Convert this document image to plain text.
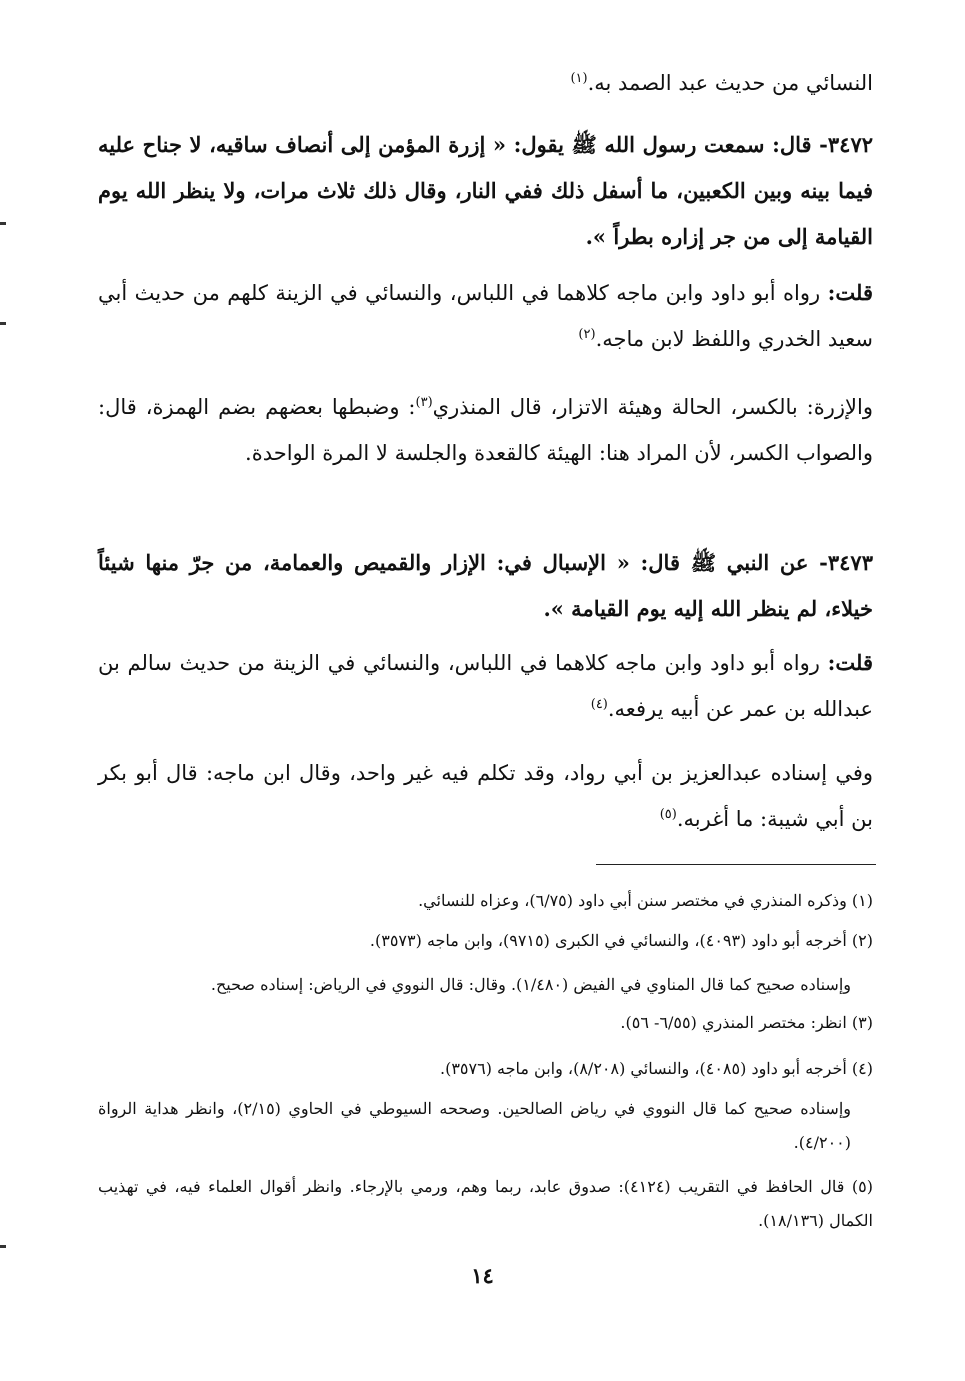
النسائي من حديث عبد الصمد به.$^{(١)}$
٣٤٧٢- قال: سمعت رسول الله ﷺ يقول: « إزرة المؤمن إلى أنصاف ساقيه، لا جناح عليه فيما بينه وبين الكعبين، ما أسفل ذلك ففي النار، وقال ذلك ثلاث مرات، ولا ينظر الله يوم القيامة إلى من جر إزاره بطراً ».
قلت: رواه أبو داود وابن ماجه كلاهما في اللباس، والنسائي في الزينة كلهم من حديث أبي سعيد الخدري واللفظ لابن ماجه.$^{(٢)}$
والإزرة: بالكسر، الحالة وهيئة الاتزار، قال المنذري$^{(٣)}$: وضبطها بعضهم بضم الهمزة، قال: والصواب الكسر، لأن المراد هنا: الهيئة كالقعدة والجلسة لا المرة الواحدة.
٣٤٧٣- عن النبي ﷺ قال: « الإسبال في: الإزار والقميص والعمامة، من جرّ منها شيئاً خيلاء، لم ينظر الله إليه يوم القيامة ».
قلت: رواه أبو داود وابن ماجه كلاهما في اللباس، والنسائي في الزينة من حديث سالم بن عبدالله بن عمر عن أبيه يرفعه.$^{(٤)}$
وفي إسناده عبدالعزيز بن أبي رواد، وقد تكلم فيه غير واحد، وقال ابن ماجه: قال أبو بكر بن أبي شيبة: ما أغربه.$^{(٥)}$
(١) وذكره المنذري في مختصر سنن أبي داود (٦/٧٥)، وعزاه للنسائي.
(٢) أخرجه أبو داود (٤٠٩٣)، والنسائي في الكبرى (٩٧١٥)، وابن ماجه (٣٥٧٣).
وإسناده صحيح كما قال المناوي في الفيض (١/٤٨٠). وقال: قال النووي في الرياض: إسناده صحيح.
(٣) انظر: مختصر المنذري (٦/٥٥- ٥٦).
(٤) أخرجه أبو داود (٤٠٨٥)، والنسائي (٨/٢٠٨)، وابن ماجه (٣٥٧٦).
وإسناده صحيح كما قال النووي في رياض الصالحين. وصححه السيوطي في الحاوي (٢/١٥)، وانظر هداية الرواة (٤/٢٠٠).
(٥) قال الحافظ في التقريب (٤١٢٤): صدوق عابد، ربما وهم، ورمي بالإرجاء. وانظر أقوال العلماء فيه، في تهذيب الكمال (١٨/١٣٦).
١٤
